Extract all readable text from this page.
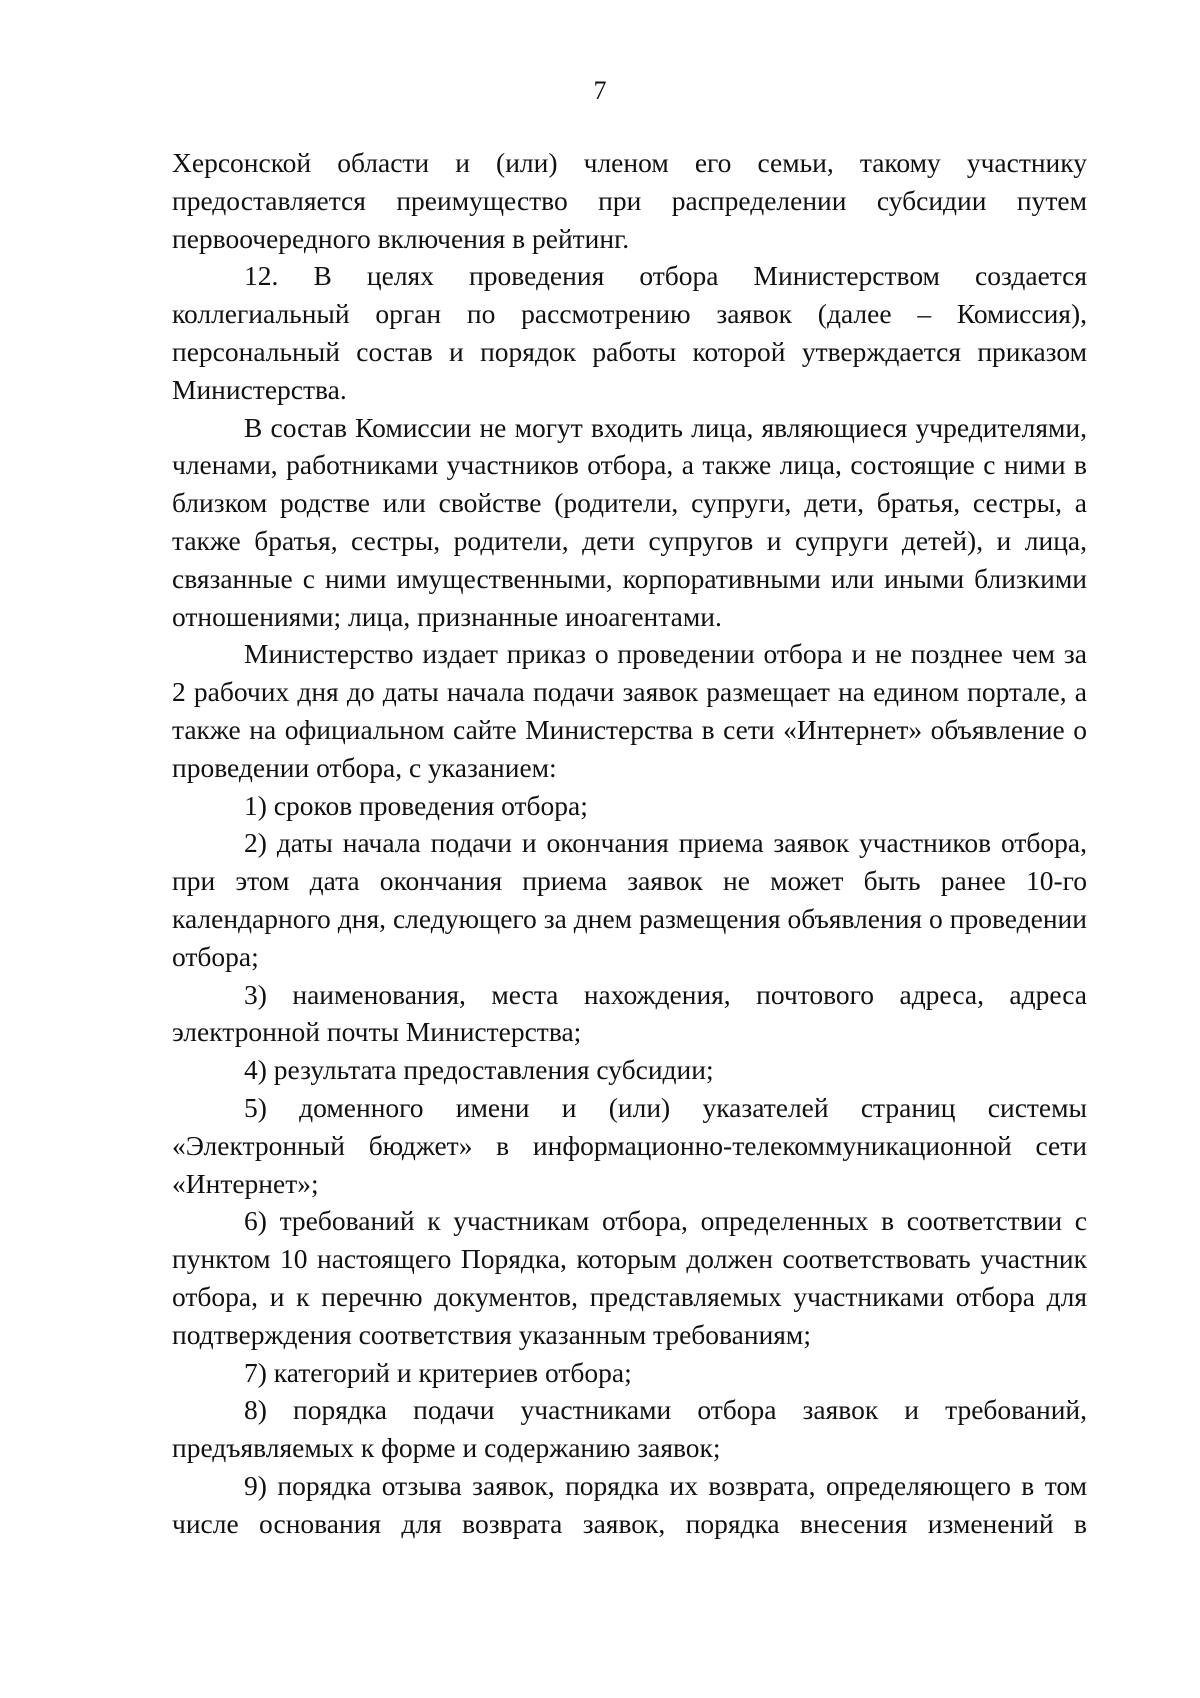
7

Херсонской области и (или) членом его семьи, такому участнику предоставляется преимущество при распределении субсидии путем первоочередного включения в рейтинг.

12. В целях проведения отбора Министерством создается коллегиальный орган по рассмотрению заявок (далее – Комиссия), персональный состав и порядок работы которой утверждается приказом Министерства.

В состав Комиссии не могут входить лица, являющиеся учредителями, членами, работниками участников отбора, а также лица, состоящие с ними в близком родстве или свойстве (родители, супруги, дети, братья, сестры, а также братья, сестры, родители, дети супругов и супруги детей), и лица, связанные с ними имущественными, корпоративными или иными близкими отношениями; лица, признанные иноагентами.

Министерство издает приказ о проведении отбора и не позднее чем за 2 рабочих дня до даты начала подачи заявок размещает на едином портале, а также на официальном сайте Министерства в сети «Интернет» объявление о проведении отбора, с указанием:

1) сроков проведения отбора;

2) даты начала подачи и окончания приема заявок участников отбора, при этом дата окончания приема заявок не может быть ранее 10-го календарного дня, следующего за днем размещения объявления о проведении отбора;

3) наименования, места нахождения, почтового адреса, адреса электронной почты Министерства;

4) результата предоставления субсидии;

5) доменного имени и (или) указателей страниц системы «Электронный бюджет» в информационно-телекоммуникационной сети «Интернет»;

6) требований к участникам отбора, определенных в соответствии с пунктом 10 настоящего Порядка, которым должен соответствовать участник отбора, и к перечню документов, представляемых участниками отбора для подтверждения соответствия указанным требованиям;

7) категорий и критериев отбора;

8) порядка подачи участниками отбора заявок и требований, предъявляемых к форме и содержанию заявок;

9) порядка отзыва заявок, порядка их возврата, определяющего в том числе основания для возврата заявок, порядка внесения изменений в
